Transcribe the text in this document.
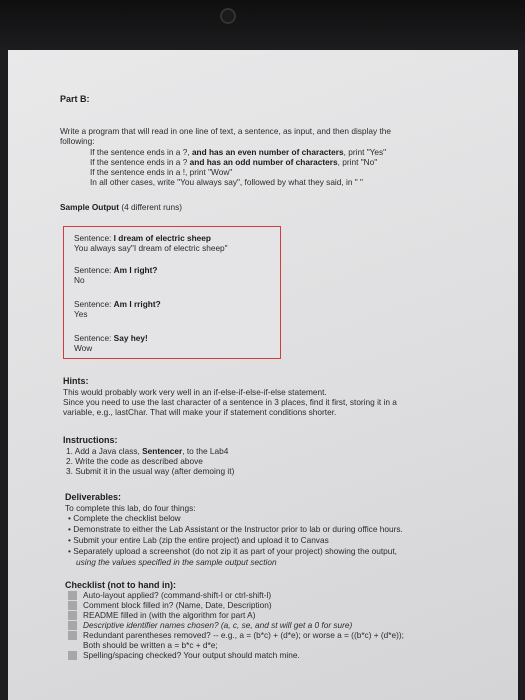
Part B:
Write a program that will read in one line of text, a sentence, as input, and then display the
following:
If the sentence ends in a ?, and has an even number of characters, print "Yes"
If the sentence ends in a ? and has an odd number of characters, print "No"
If the sentence ends in a !, print "Wow"
In all other cases, write "You always say", followed by what they said, in " "
Sample Output (4 different runs)
Sentence: I dream of electric sheep
You always say"I dream of electric sheep"
Sentence: Am I right?
No
Sentence: Am I rright?
Yes
Sentence: Say hey!
Wow
Hints:
This would probably work very well in an if-else-if-else-if-else statement.
Since you need to use the last character of a sentence in 3 places, find it first, storing it in a
variable, e.g., lastChar. That will make your if statement conditions shorter.
Instructions:
1. Add a Java class, Sentencer, to the Lab4
2. Write the code as described above
3. Submit it in the usual way (after demoing it)
Deliverables:
To complete this lab, do four things:
• Complete the checklist below
• Demonstrate to either the Lab Assistant or the Instructor prior to lab or during office hours.
• Submit your entire Lab (zip the entire project) and upload it to Canvas
• Separately upload a screenshot (do not zip it as part of your project) showing the output,
using the values specified in the sample output section
Checklist (not to hand in):
Auto-layout applied? (command-shift-l or ctrl-shift-l)
Comment block filled in? (Name, Date, Description)
README filled in (with the algorithm for part A)
Descriptive identifier names chosen? (a, c, se, and st will get a 0 for sure)
Redundant parentheses removed? -- e.g., a = (b*c) + (d*e); or worse a = ((b*c) + (d*e));
Both should be written a = b*c + d*e;
Spelling/spacing checked? Your output should match mine.
